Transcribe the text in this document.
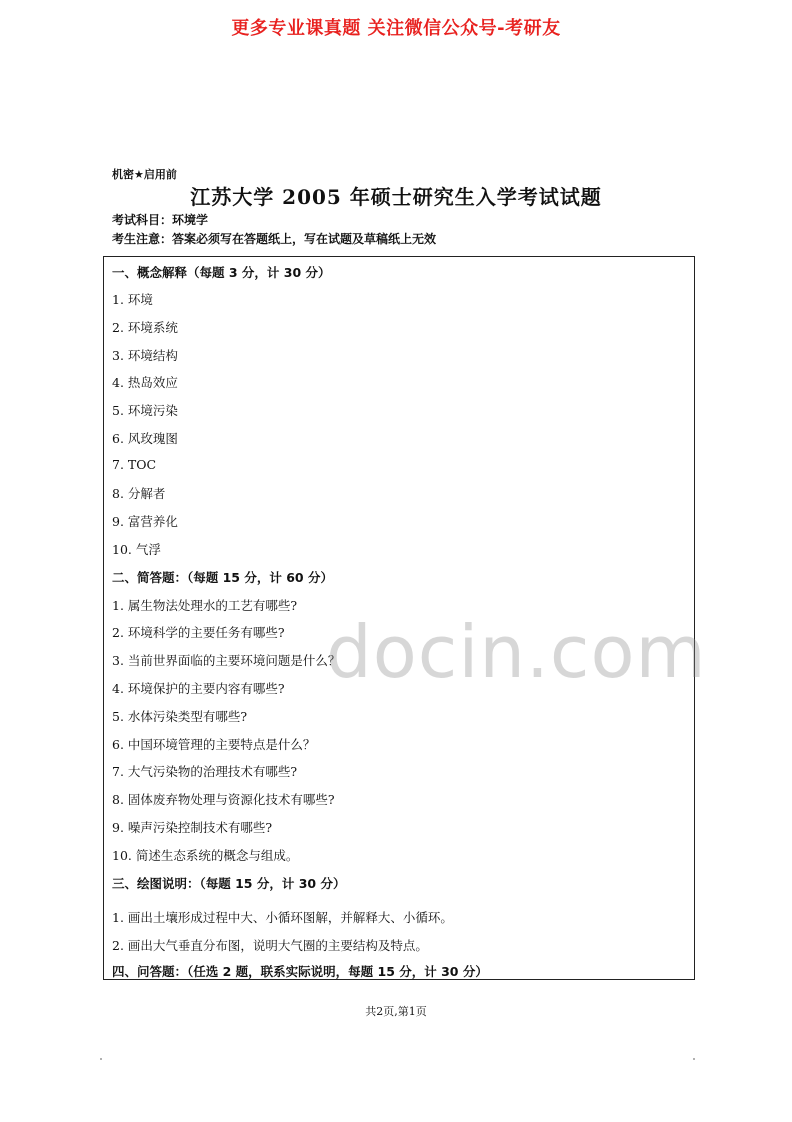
更多专业课真题 关注微信公众号-考研友
机密★启用前
江苏大学 2005 年硕士研究生入学考试试题
考试科目：环境学
考生注意：答案必须写在答题纸上，写在试题及草稿纸上无效
一、概念解释（每题 3 分，计 30 分）
1. 环境
2. 环境系统
3. 环境结构
4. 热岛效应
5. 环境污染
6. 风玫瑰图
7. TOC
8. 分解者
9. 富营养化
10. 气浮
二、简答题：（每题 15 分，计 60 分）
1. 属生物法处理水的工艺有哪些?
2. 环境科学的主要任务有哪些?
3. 当前世界面临的主要环境问题是什么？
4. 环境保护的主要内容有哪些?
5. 水体污染类型有哪些?
6. 中国环境管理的主要特点是什么？
7. 大气污染物的治理技术有哪些?
8. 固体废弃物处理与资源化技术有哪些?
9. 噪声污染控制技术有哪些?
10. 简述生态系统的概念与组成。
三、绘图说明：（每题 15 分，计 30 分）
1. 画出土壤形成过程中大、小循环图解，并解释大、小循环。
2. 画出大气垂直分布图，说明大气圈的主要结构及特点。
四、问答题：（任选 2 题，联系实际说明，每题 15 分，计 30 分）
docin.com
共2页,第1页
